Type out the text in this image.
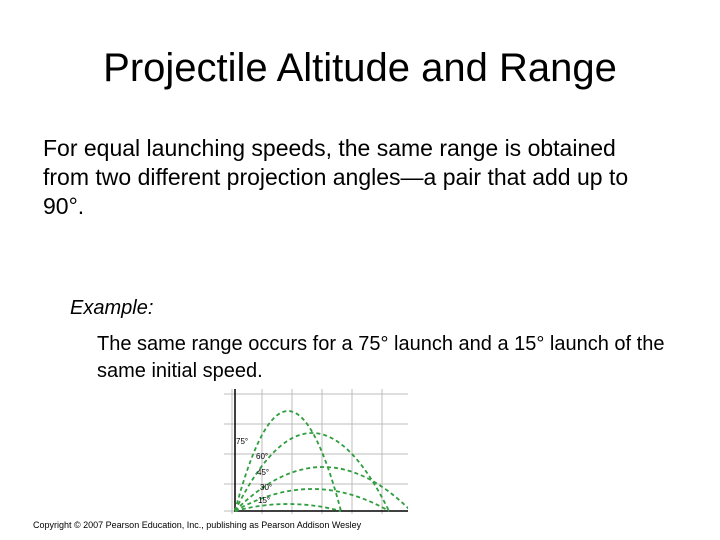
Projectile Altitude and Range

For equal launching speeds, the same range is obtained from two different projection angles—a pair that add up to 90°.

Example:

The same range occurs for a 75° launch and a 15° launch of the same initial speed.

75°
60°
45°
30°
15°

Copyright © 2007 Pearson Education, Inc., publishing as Pearson Addison Wesley
